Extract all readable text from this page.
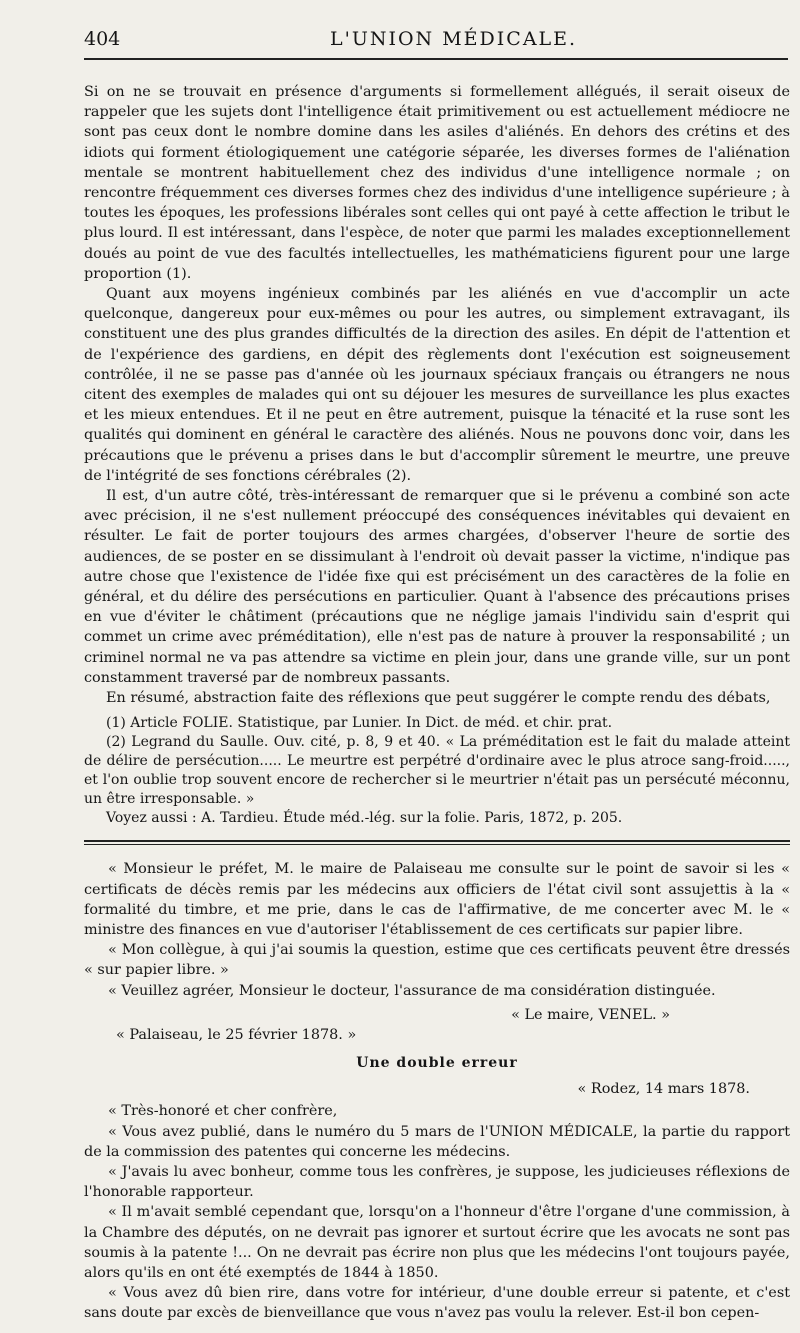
404	L'UNION MÉDICALE.

Si on ne se trouvait en présence d'arguments si formellement allégués, il serait oiseux de rappeler que les sujets dont l'intelligence était primitivement ou est actuellement médiocre ne sont pas ceux dont le nombre domine dans les asiles d'aliénés. En dehors des crétins et des idiots qui forment étiologiquement une catégorie séparée, les diverses formes de l'aliénation mentale se montrent habituellement chez des individus d'une intelligence normale ; on rencontre fréquemment ces diverses formes chez des individus d'une intelligence supérieure ; à toutes les époques, les professions libérales sont celles qui ont payé à cette affection le tribut le plus lourd. Il est intéressant, dans l'espèce, de noter que parmi les malades exceptionnellement doués au point de vue des facultés intellectuelles, les mathématiciens figurent pour une large proportion (1).

Quant aux moyens ingénieux combinés par les aliénés en vue d'accomplir un acte quelconque, dangereux pour eux-mêmes ou pour les autres, ou simplement extravagant, ils constituent une des plus grandes difficultés de la direction des asiles. En dépit de l'attention et de l'expérience des gardiens, en dépit des règlements dont l'exécution est soigneusement contrôlée, il ne se passe pas d'année où les journaux spéciaux français ou étrangers ne nous citent des exemples de malades qui ont su déjouer les mesures de surveillance les plus exactes et les mieux entendues. Et il ne peut en être autrement, puisque la ténacité et la ruse sont les qualités qui dominent en général le caractère des aliénés. Nous ne pouvons donc voir, dans les précautions que le prévenu a prises dans le but d'accomplir sûrement le meurtre, une preuve de l'intégrité de ses fonctions cérébrales (2).

Il est, d'un autre côté, très-intéressant de remarquer que si le prévenu a combiné son acte avec précision, il ne s'est nullement préoccupé des conséquences inévitables qui devaient en résulter. Le fait de porter toujours des armes chargées, d'observer l'heure de sortie des audiences, de se poster en se dissimulant à l'endroit où devait passer la victime, n'indique pas autre chose que l'existence de l'idée fixe qui est précisément un des caractères de la folie en général, et du délire des persécutions en particulier. Quant à l'absence des précautions prises en vue d'éviter le châtiment (précautions que ne néglige jamais l'individu sain d'esprit qui commet un crime avec préméditation), elle n'est pas de nature à prouver la responsabilité ; un criminel normal ne va pas attendre sa victime en plein jour, dans une grande ville, sur un pont constamment traversé par de nombreux passants.

En résumé, abstraction faite des réflexions que peut suggérer le compte rendu des débats,

(1) Article FOLIE. Statistique, par Lunier. In Dict. de méd. et chir. prat.

(2) Legrand du Saulle. Ouv. cité, p. 8, 9 et 40. « La préméditation est le fait du malade atteint de délire de persécution..... Le meurtre est perpétré d'ordinaire avec le plus atroce sang-froid....., et l'on oublie trop souvent encore de rechercher si le meurtrier n'était pas un persécuté méconnu, un être irresponsable. »

Voyez aussi : A. Tardieu. Étude méd.-lég. sur la folie. Paris, 1872, p. 205.

« Monsieur le préfet, M. le maire de Palaiseau me consulte sur le point de savoir si les « certificats de décès remis par les médecins aux officiers de l'état civil sont assujettis à la « formalité du timbre, et me prie, dans le cas de l'affirmative, de me concerter avec M. le « ministre des finances en vue d'autoriser l'établissement de ces certificats sur papier libre.

« Mon collègue, à qui j'ai soumis la question, estime que ces certificats peuvent être dressés « sur papier libre. »

« Veuillez agréer, Monsieur le docteur, l'assurance de ma considération distinguée.

« Le maire, VENEL. »

« Palaiseau, le 25 février 1878. »

Une double erreur

« Rodez, 14 mars 1878.

« Très-honoré et cher confrère,

« Vous avez publié, dans le numéro du 5 mars de l'UNION MÉDICALE, la partie du rapport de la commission des patentes qui concerne les médecins.

« J'avais lu avec bonheur, comme tous les confrères, je suppose, les judicieuses réflexions de l'honorable rapporteur.

« Il m'avait semblé cependant que, lorsqu'on a l'honneur d'être l'organe d'une commission, à la Chambre des députés, on ne devrait pas ignorer et surtout écrire que les avocats ne sont pas soumis à la patente !... On ne devrait pas écrire non plus que les médecins l'ont toujours payée, alors qu'ils en ont été exemptés de 1844 à 1850.

« Vous avez dû bien rire, dans votre for intérieur, d'une double erreur si patente, et c'est sans doute par excès de bienveillance que vous n'avez pas voulu la relever. Est-il bon cepen-
